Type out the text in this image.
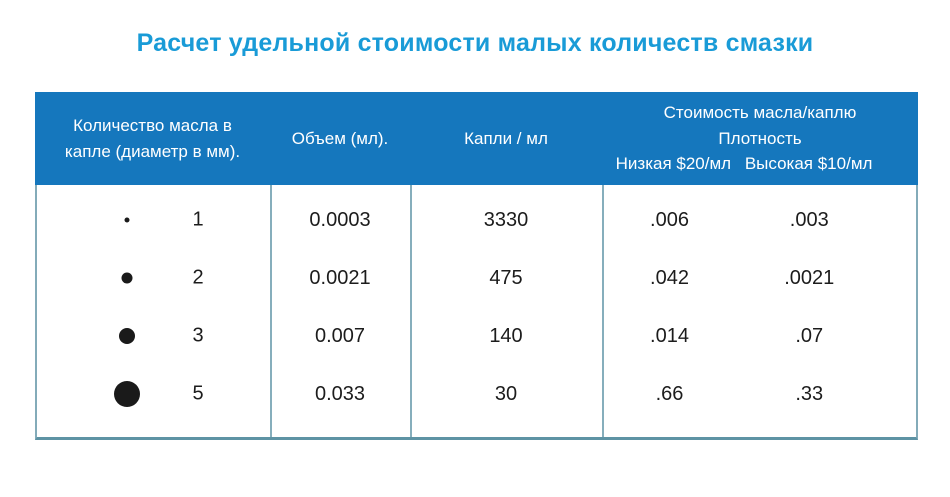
Расчет удельной стоимости малых количеств смазки
Количество масла в
капле (диаметр в мм).
Объем (мл).	Капли / мл
Стоимость масла/каплю
Плотность
Низкая $20/мл Высокая $10/мл
1	0.0003	3330	.006	.003
2	0.0021	475	.042	.0021
3	0.007	140	.014	.07
5	0.033	30	.66	.33
